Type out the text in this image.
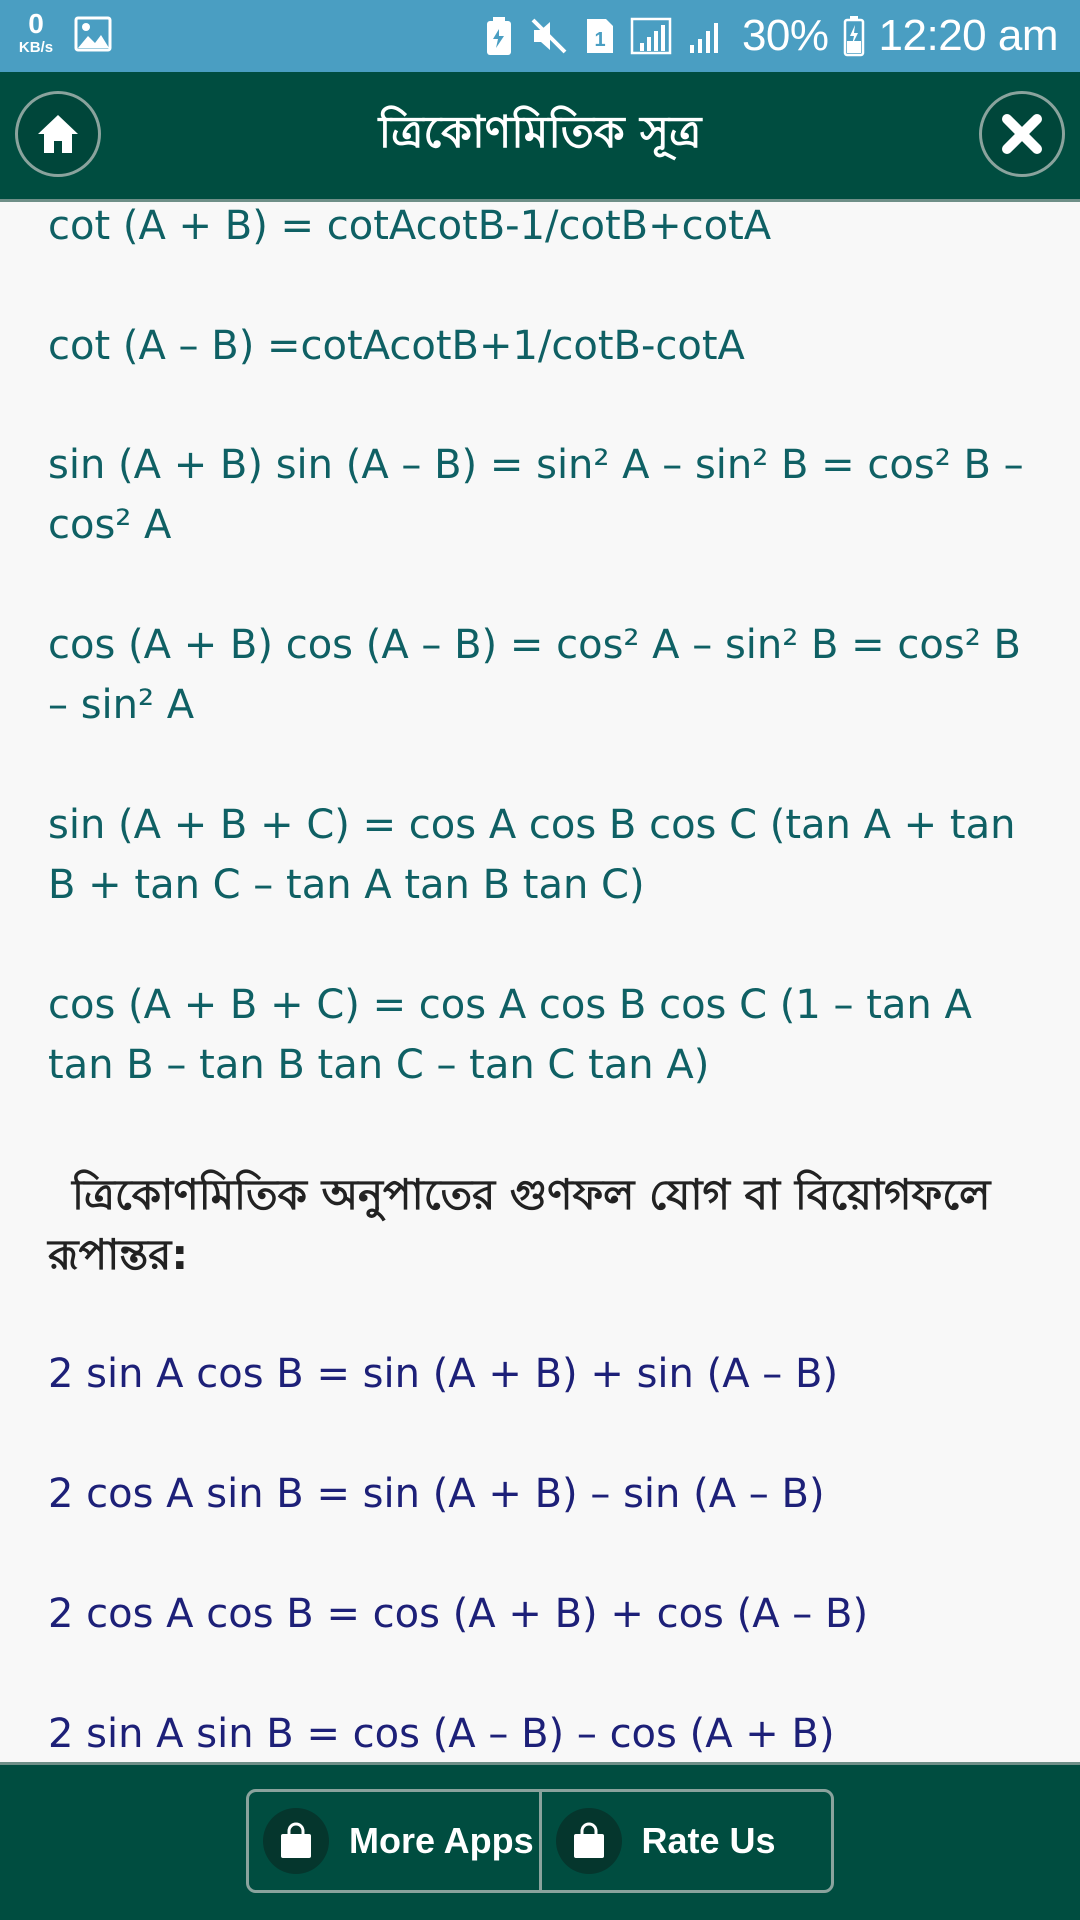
0
KB/s	1	30% 12:20 am
ত্রিকোণমিতিক সূত্র
cot (A + B) = cotAcotB-1/cotB+cotA
cot (A – B) =cotAcotB+1/cotB-cotA
sin (A + B) sin (A – B) = sin² A – sin² B = cos² B – cos² A
cos (A + B) cos (A – B) = cos² A – sin² B = cos² B – sin² A
sin (A + B + C) = cos A cos B cos C (tan A + tan B + tan C – tan A tan B tan C)
cos (A + B + C) = cos A cos B cos C (1 – tan A tan B – tan B tan C – tan C tan A)
ত্রিকোণমিতিক অনুপাতের গুণফল যোগ বা বিয়োগফলে রূপান্তর:
2 sin A cos B = sin (A + B) + sin (A – B)
2 cos A sin B = sin (A + B) – sin (A – B)
2 cos A cos B = cos (A + B) + cos (A – B)
2 sin A sin B = cos (A – B) – cos (A + B)
More Apps	Rate Us
